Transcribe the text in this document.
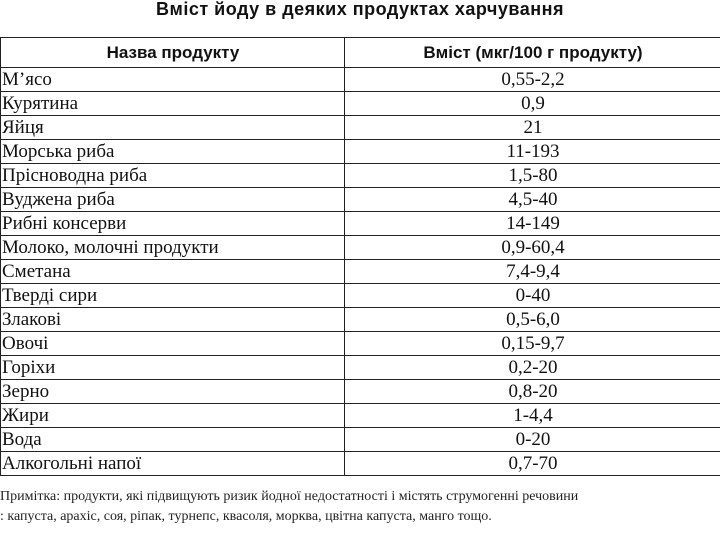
Вміст йоду в деяких продуктах харчування
Назва продукту	Вміст (мкг/100 г продукту)
М’ясо	0,55-2,2
Курятина	0,9
Яйця	21
Морська риба	11-193
Прісноводна риба	1,5-80
Вуджена риба	4,5-40
Рибні консерви	14-149
Молоко, молочні продукти	0,9-60,4
Сметана	7,4-9,4
Тверді сири	0-40
Злакові	0,5-6,0
Овочі	0,15-9,7
Горіхи	0,2-20
Зерно	0,8-20
Жири	1-4,4
Вода	0-20
Алкогольні напої	0,7-70
Примітка: продукти, які підвищують ризик йодної недостатності і містять струмогенні речовини
: капуста, арахіс, соя, ріпак, турнепс, квасоля, морква, цвітна капуста, манго тощо.
